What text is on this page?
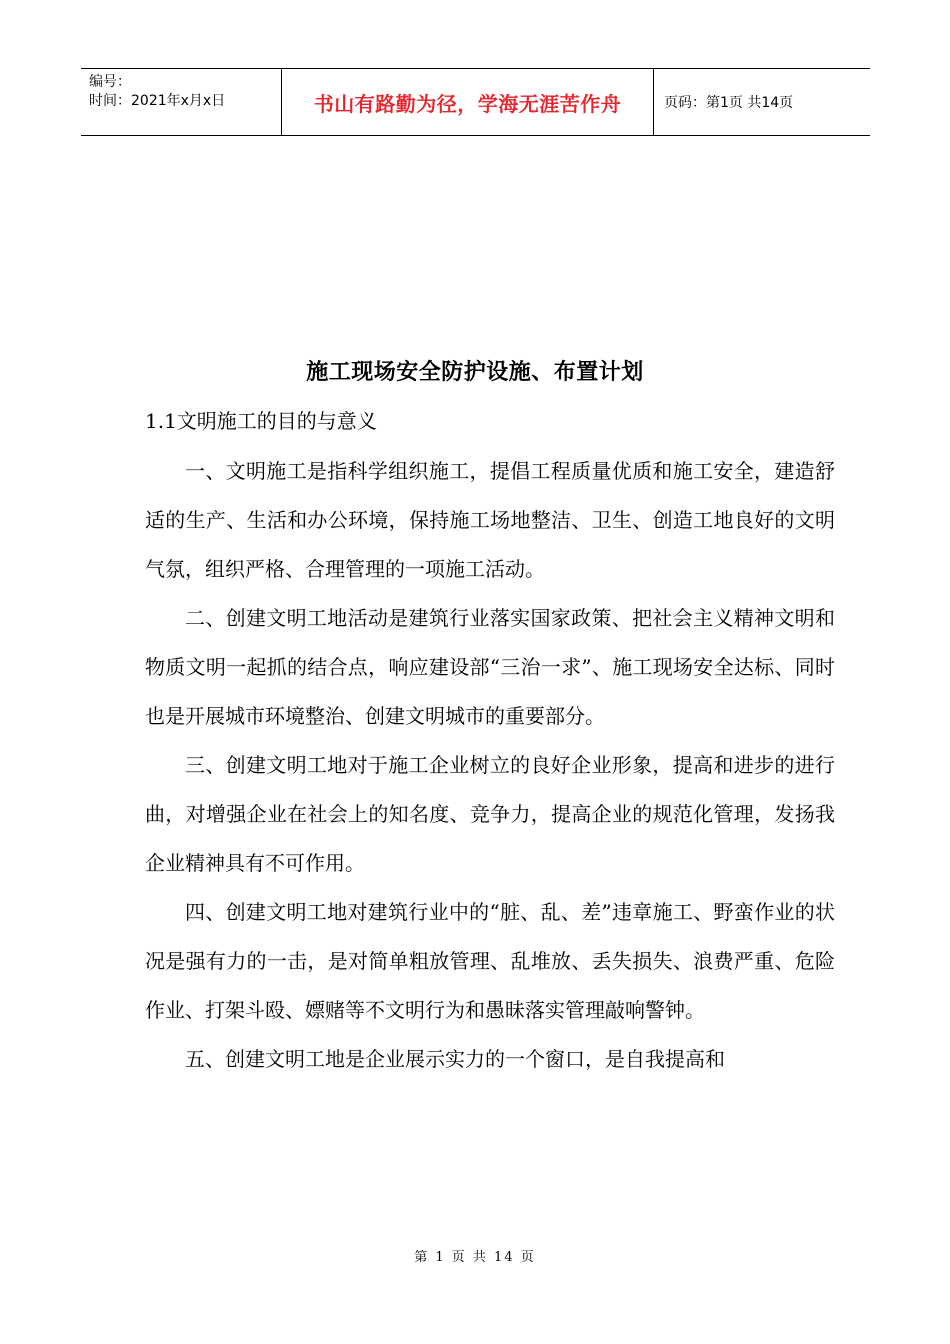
编号：
时间：2021年x月x日	书山有路勤为径，学海无涯苦作舟	页码：第1页 共14页
施工现场安全防护设施、布置计划
1.1文明施工的目的与意义

一、文明施工是指科学组织施工，提倡工程质量优质和施工安全，建造舒适的生产、生活和办公环境，保持施工场地整洁、卫生、创造工地良好的文明气氛，组织严格、合理管理的一项施工活动。

二、创建文明工地活动是建筑行业落实国家政策、把社会主义精神文明和物质文明一起抓的结合点，响应建设部“三治一求”、施工现场安全达标、同时也是开展城市环境整治、创建文明城市的重要部分。

三、创建文明工地对于施工企业树立的良好企业形象，提高和进步的进行曲，对增强企业在社会上的知名度、竞争力，提高企业的规范化管理，发扬我企业精神具有不可作用。

四、创建文明工地对建筑行业中的“脏、乱、差”违章施工、野蛮作业的状况是强有力的一击，是对简单粗放管理、乱堆放、丢失损失、浪费严重、危险作业、打架斗殴、嫖赌等不文明行为和愚昧落实管理敲响警钟。

五、创建文明工地是企业展示实力的一个窗口，是自我提高和

第 1 页 共 14 页
